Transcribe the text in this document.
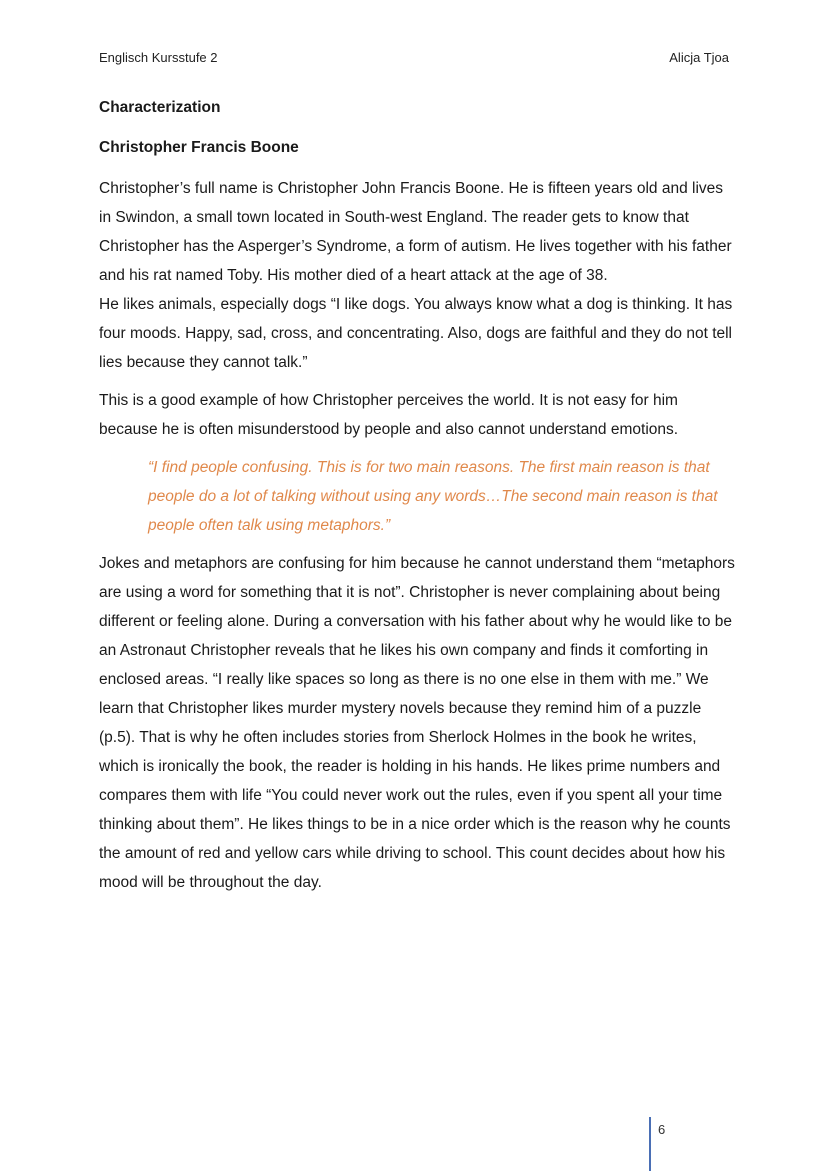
Englisch Kursstufe 2	Alicja Tjoa
Characterization
Christopher Francis Boone

Christopher’s full name is Christopher John Francis Boone. He is fifteen years old and lives in Swindon, a small town located in South-west England. The reader gets to know that Christopher has the Asperger’s Syndrome, a form of autism. He lives together with his father and his rat named Toby. His mother died of a heart attack at the age of 38.

He likes animals, especially dogs “I like dogs. You always know what a dog is thinking. It has four moods. Happy, sad, cross, and concentrating. Also, dogs are faithful and they do not tell lies because they cannot talk.”

This is a good example of how Christopher perceives the world. It is not easy for him because he is often misunderstood by people and also cannot understand emotions.

“I find people confusing. This is for two main reasons. The first main reason is that people do a lot of talking without using any words…The second main reason is that people often talk using metaphors.”

Jokes and metaphors are confusing for him because he cannot understand them “metaphors are using a word for something that it is not”. Christopher is never complaining about being different or feeling alone. During a conversation with his father about why he would like to be an Astronaut Christopher reveals that he likes his own company and finds it comforting in enclosed areas. “I really like spaces so long as there is no one else in them with me.” We learn that Christopher likes murder mystery novels because they remind him of a puzzle (p.5). That is why he often includes stories from Sherlock Holmes in the book he writes, which is ironically the book, the reader is holding in his hands. He likes prime numbers and compares them with life “You could never work out the rules, even if you spent all your time thinking about them”. He likes things to be in a nice order which is the reason why he counts the amount of red and yellow cars while driving to school. This count decides about how his mood will be throughout the day.

6
